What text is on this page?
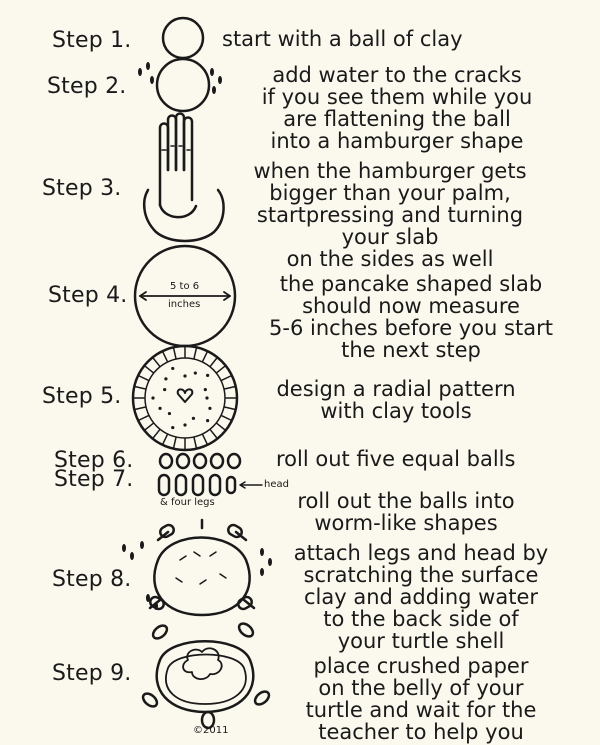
Step 1.
Step 2.
Step 3.
Step 4.
Step 5.
Step 6.
Step 7.
Step 8.
Step 9.
start with a ball of clay
add water to the cracks
if you see them while you
are flattening the ball
into a hamburger shape
when the hamburger gets
bigger than your palm,
startpressing and turning
your slab
on the sides as well
the pancake shaped slab
should now measure
5-6 inches before you start
the next step
design a radial pattern
with clay tools
roll out five equal balls
roll out the balls into
worm-like shapes
attach legs and head by
scratching the surface
clay and adding water
to the back side of
your turtle shell
place crushed paper
on the belly of your
turtle and wait for the
teacher to help you
5 to 6
inches
head
& four legs
©2011
